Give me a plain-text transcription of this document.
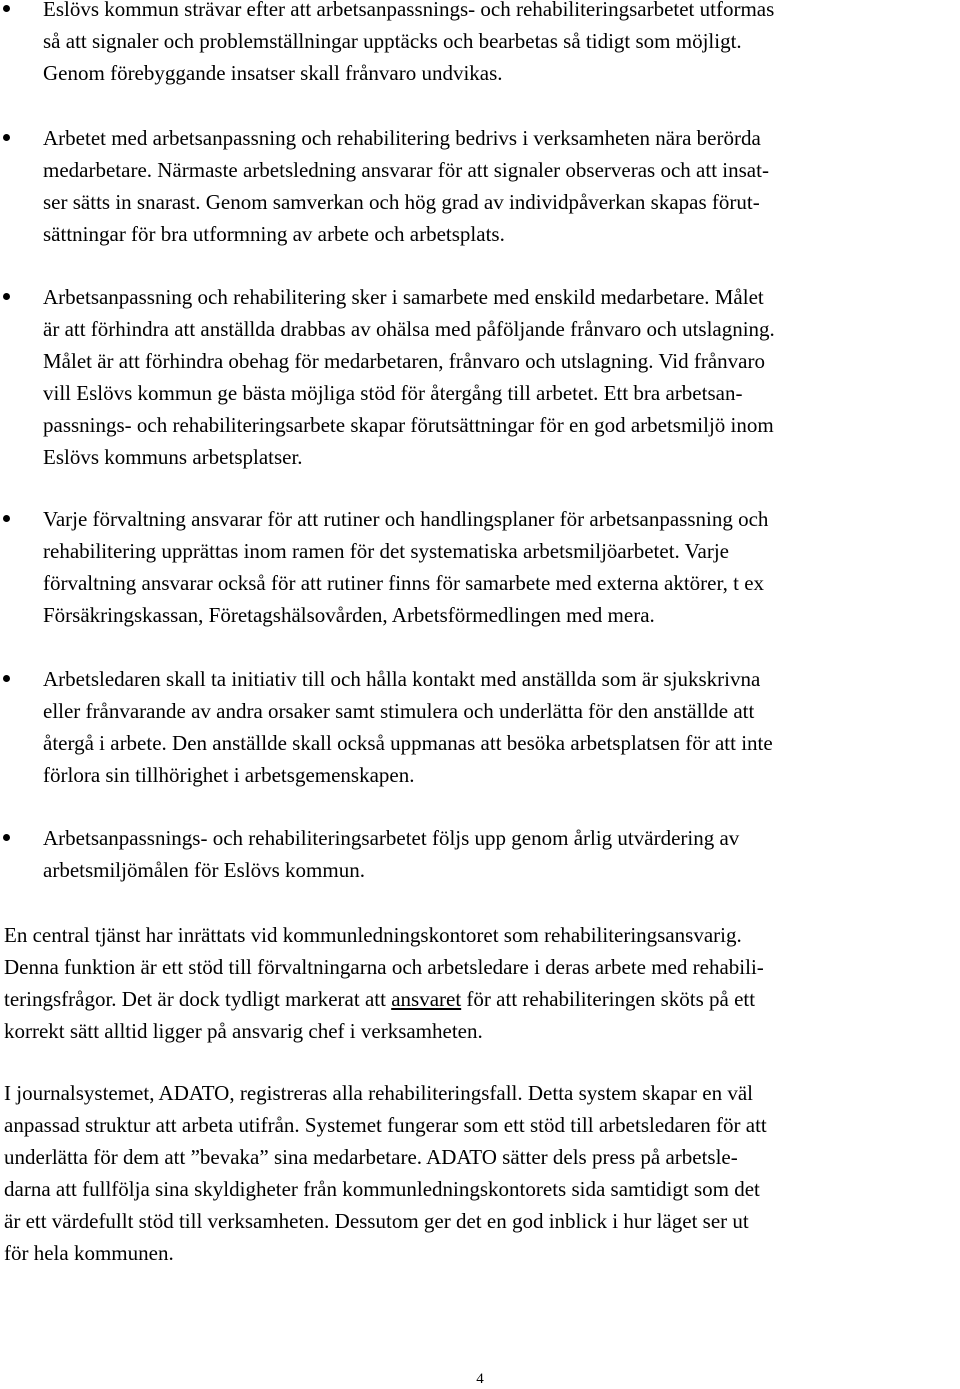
Eslövs kommun strävar efter att arbetsanpassnings- och rehabiliteringsarbetet utformas
så att signaler och problemställningar upptäcks och bearbetas så tidigt som möjligt.
Genom förebyggande insatser skall frånvaro undvikas.
Arbetet med arbetsanpassning och rehabilitering bedrivs i verksamheten nära berörda
medarbetare. Närmaste arbetsledning ansvarar för att signaler observeras och att insat-
ser sätts in snarast. Genom samverkan och hög grad av individpåverkan skapas förut-
sättningar för bra utformning av arbete och arbetsplats.
Arbetsanpassning och rehabilitering sker i samarbete med enskild medarbetare. Målet
är att förhindra att anställda drabbas av ohälsa med påföljande frånvaro och utslagning.
Målet är att förhindra obehag för medarbetaren, frånvaro och utslagning. Vid frånvaro
vill Eslövs kommun ge bästa möjliga stöd för återgång till arbetet. Ett bra arbetsan-
passnings- och rehabiliteringsarbete skapar förutsättningar för en god arbetsmiljö inom
Eslövs kommuns arbetsplatser.
Varje förvaltning ansvarar för att rutiner och handlingsplaner för arbetsanpassning och
rehabilitering upprättas inom ramen för det systematiska arbetsmiljöarbetet. Varje
förvaltning ansvarar också för att rutiner finns för samarbete med externa aktörer, t ex
Försäkringskassan, Företagshälsovården, Arbetsförmedlingen med mera.
Arbetsledaren skall ta initiativ till och hålla kontakt med anställda som är sjukskrivna
eller frånvarande av andra orsaker samt stimulera och underlätta för den anställde att
återgå i arbete. Den anställde skall också uppmanas att besöka arbetsplatsen för att inte
förlora sin tillhörighet i arbetsgemenskapen.
Arbetsanpassnings- och rehabiliteringsarbetet följs upp genom årlig utvärdering av
arbetsmiljömålen för Eslövs kommun.
En central tjänst har inrättats vid kommunledningskontoret som rehabiliteringsansvarig.
Denna funktion är ett stöd till förvaltningarna och arbetsledare i deras arbete med rehabili-
teringsfrågor. Det är dock tydligt markerat att ansvaret för att rehabiliteringen sköts på ett
korrekt sätt alltid ligger på ansvarig chef i verksamheten.
I journalsystemet, ADATO, registreras alla rehabiliteringsfall. Detta system skapar en väl
anpassad struktur att arbeta utifrån. Systemet fungerar som ett stöd till arbetsledaren för att
underlätta för dem att ”bevaka” sina medarbetare. ADATO sätter dels press på arbetsle-
darna att fullfölja sina skyldigheter från kommunledningskontorets sida samtidigt som det
är ett värdefullt stöd till verksamheten. Dessutom ger det en god inblick i hur läget ser ut
för hela kommunen.
4
